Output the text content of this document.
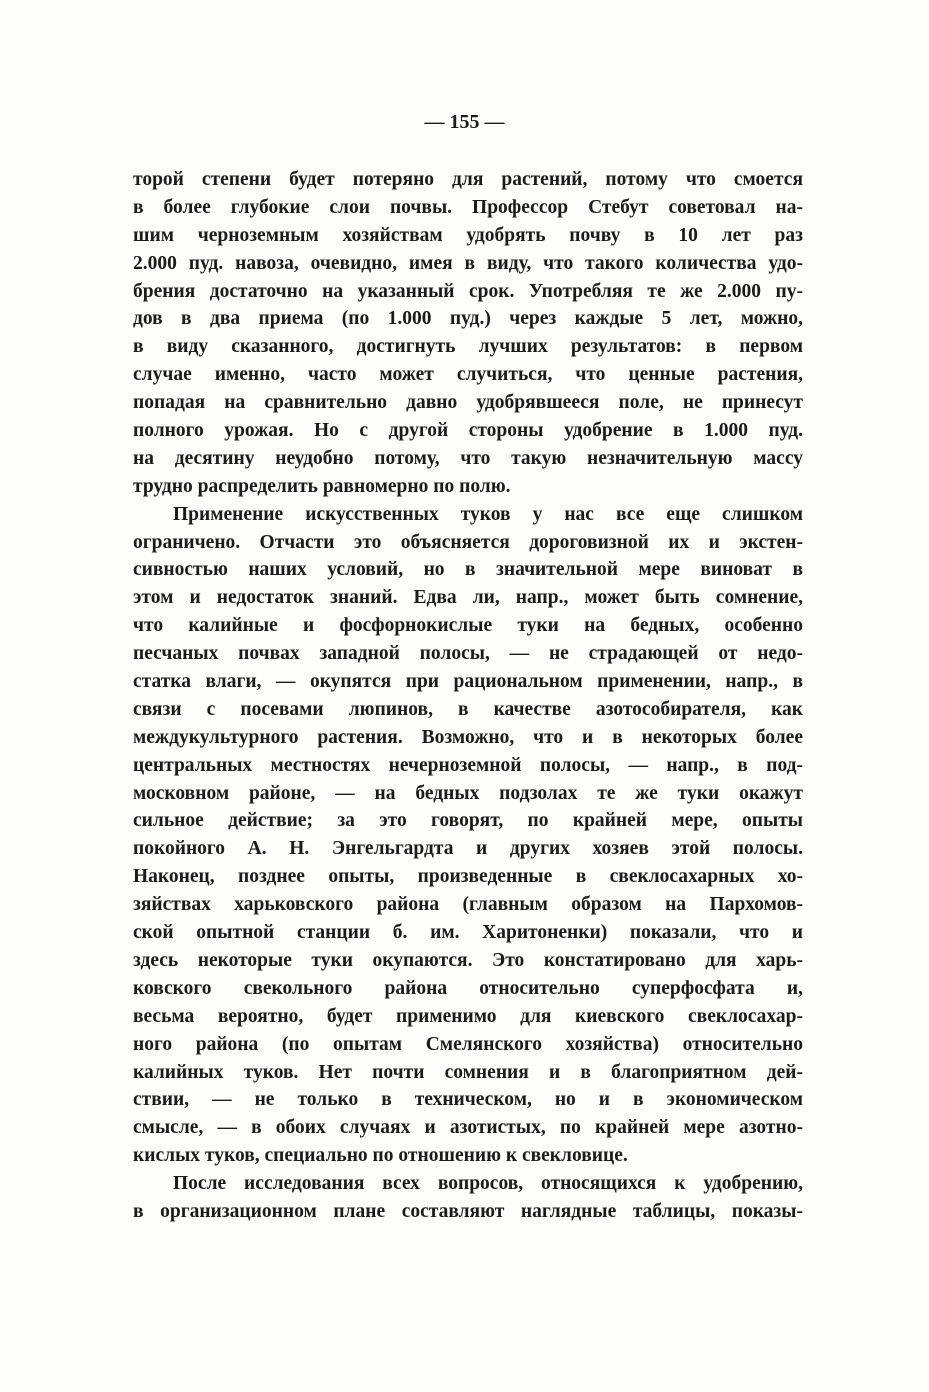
— 155 —
торой степени будет потеряно для растений, потому что смоется
в более глубокие слои почвы. Профессор Стебут советовал на-
шим черноземным хозяйствам удобрять почву в 10 лет раз
2.000 пуд. навоза, очевидно, имея в виду, что такого количества удо-
брения достаточно на указанный срок. Употребляя те же 2.000 пу-
дов в два приема (по 1.000 пуд.) через каждые 5 лет, можно,
в виду сказанного, достигнуть лучших результатов: в первом
случае именно, часто может случиться, что ценные растения,
попадая на сравнительно давно удобрявшееся поле, не принесут
полного урожая. Но с другой стороны удобрение в 1.000 пуд.
на десятину неудобно потому, что такую незначительную массу
трудно распределить равномерно по полю.
Применение искусственных туков у нас все еще слишком
ограничено. Отчасти это объясняется дороговизной их и экстен-
сивностью наших условий, но в значительной мере виноват в
этом и недостаток знаний. Едва ли, напр., может быть сомнение,
что калийные и фосфорнокислые туки на бедных, особенно
песчаных почвах западной полосы, — не страдающей от недо-
статка влаги, — окупятся при рациональном применении, напр., в
связи с посевами люпинов, в качестве азотособирателя, как
междукультурного растения. Возможно, что и в некоторых более
центральных местностях нечерноземной полосы, — напр., в под-
московном районе, — на бедных подзолах те же туки окажут
сильное действие; за это говорят, по крайней мере, опыты
покойного А. Н. Энгельгардта и других хозяев этой полосы.
Наконец, позднее опыты, произведенные в свеклосахарных хо-
зяйствах харьковского района (главным образом на Пархомов-
ской опытной станции б. им. Харитоненки) показали, что и
здесь некоторые туки окупаются. Это констатировано для харь-
ковского свекольного района относительно суперфосфата и,
весьма вероятно, будет применимо для киевского свеклосахар-
ного района (по опытам Смелянского хозяйства) относительно
калийных туков. Нет почти сомнения и в благоприятном дей-
ствии, — не только в техническом, но и в экономическом
смысле, — в обоих случаях и азотистых, по крайней мере азотно-
кислых туков, специально по отношению к свекловице.
После исследования всех вопросов, относящихся к удобрению,
в организационном плане составляют наглядные таблицы, показы-
